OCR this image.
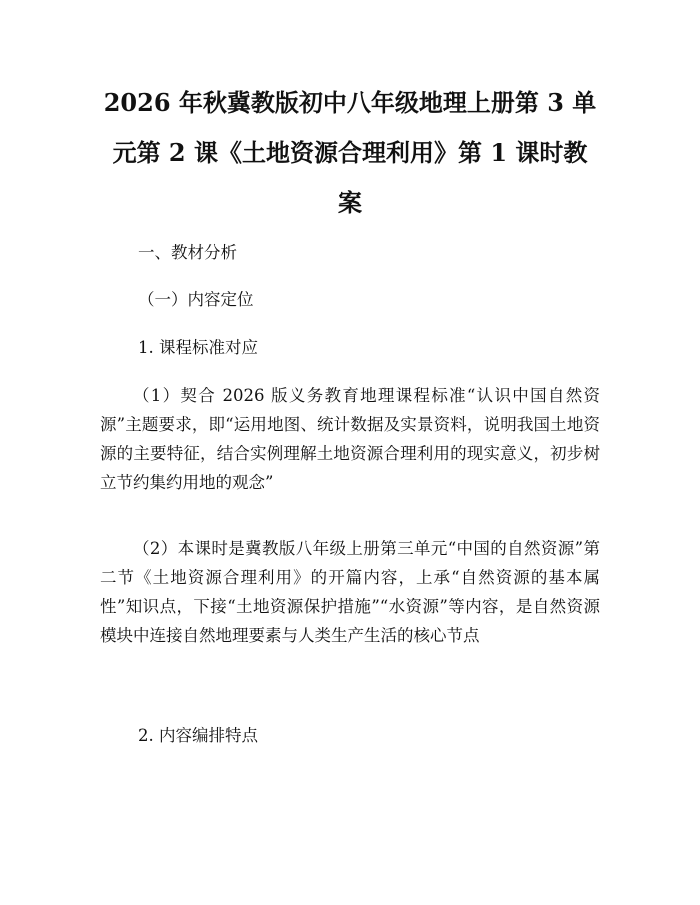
2026 年秋冀教版初中八年级地理上册第 3 单
元第 2 课《土地资源合理利用》第 1 课时教
案
一、教材分析
（一）内容定位
1. 课程标准对应
（1）契合 2026 版义务教育地理课程标准“认识中国自然资源”主题要求，即“运用地图、统计数据及实景资料，说明我国土地资源的主要特征，结合实例理解土地资源合理利用的现实意义，初步树立节约集约用地的观念”
（2）本课时是冀教版八年级上册第三单元“中国的自然资源”第二节《土地资源合理利用》的开篇内容，上承“自然资源的基本属性”知识点，下接“土地资源保护措施”“水资源”等内容，是自然资源模块中连接自然地理要素与人类生产生活的核心节点
2. 内容编排特点
